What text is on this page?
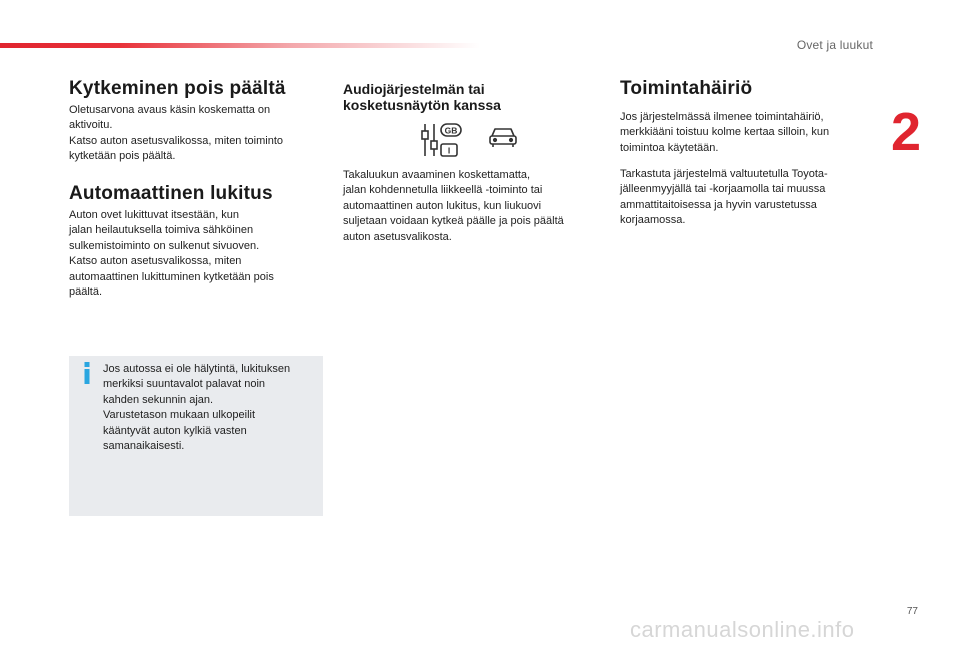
Ovet ja luukut
2
Kytkeminen pois päältä

Oletusarvona avaus käsin koskematta on
aktivoitu.
Katso auton asetusvalikossa, miten toiminto
kytketään pois päältä.

Automaattinen lukitus

Auton ovet lukittuvat itsestään, kun
jalan heilautuksella toimiva sähköinen
sulkemistoiminto on sulkenut sivuoven.
Katso auton asetusvalikossa, miten
automaattinen lukittuminen kytketään pois
päältä.

Jos autossa ei ole hälytintä, lukituksen
merkiksi suuntavalot palavat noin
kahden sekunnin ajan.
Varustetason mukaan ulkopeilit
kääntyvät auton kylkiä vasten
samanaikaisesti.

Audiojärjestelmän tai
kosketusnäytön kanssa
GB
I

Takaluukun avaaminen koskettamatta,
jalan kohdennetulla liikkeellä -toiminto tai
automaattinen auton lukitus, kun liukuovi
suljetaan voidaan kytkeä päälle ja pois päältä
auton asetusvalikosta.

Toimintahäiriö

Jos järjestelmässä ilmenee toimintahäiriö,
merkkiääni toistuu kolme kertaa silloin, kun
toimintoa käytetään.

Tarkastuta järjestelmä valtuutetulla Toyota-
jälleenmyyjällä tai -korjaamolla tai muussa
ammattitaitoisessa ja hyvin varustetussa
korjaamossa.

77
carmanualsonline.info
